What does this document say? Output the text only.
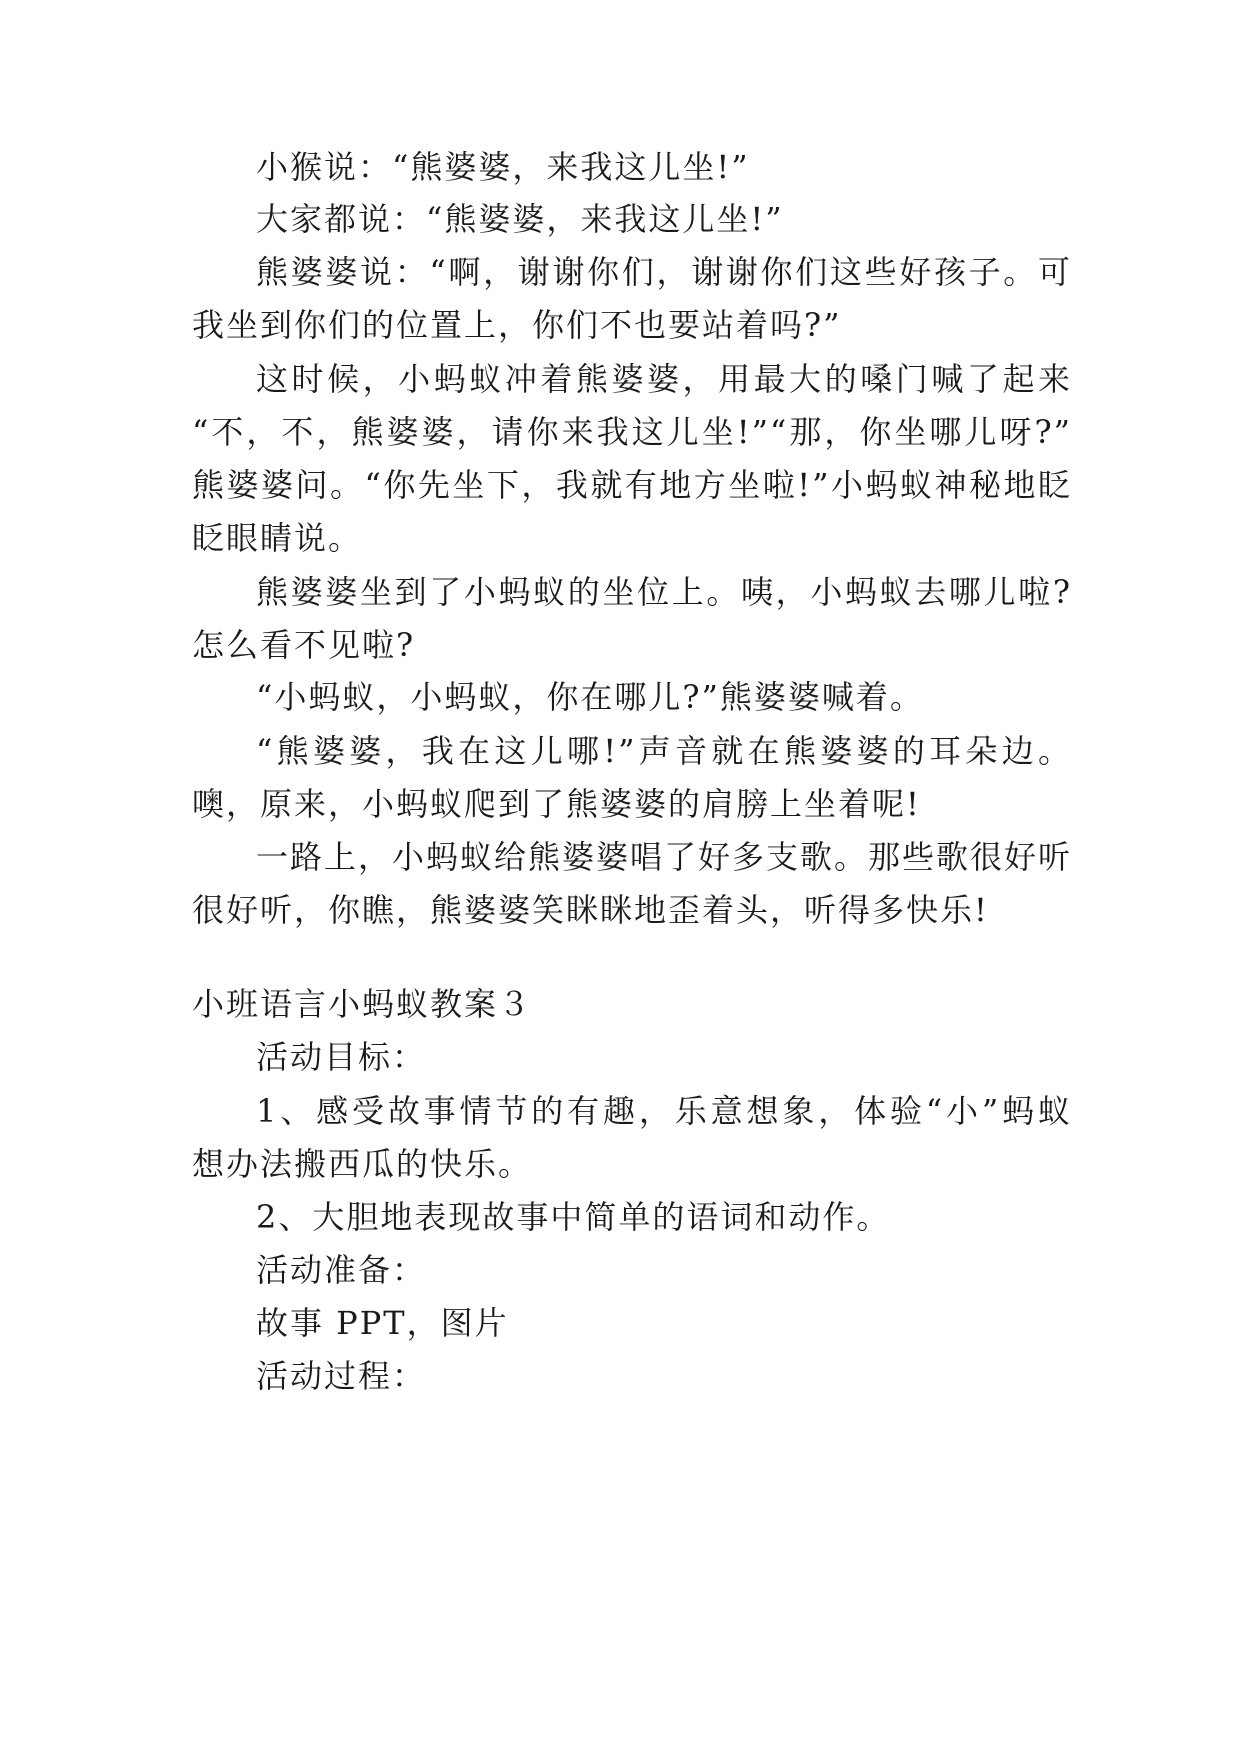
小猴说：“熊婆婆，来我这儿坐!”
大家都说：“熊婆婆，来我这儿坐!”
熊婆婆说：“啊，谢谢你们，谢谢你们这些好孩子。可
我坐到你们的位置上，你们不也要站着吗?”
这时候，小蚂蚁冲着熊婆婆，用最大的嗓门喊了起来
“不，不，熊婆婆，请你来我这儿坐!”“那，你坐哪儿呀?”
熊婆婆问。“你先坐下，我就有地方坐啦!”小蚂蚁神秘地眨
眨眼睛说。
熊婆婆坐到了小蚂蚁的坐位上。咦，小蚂蚁去哪儿啦?
怎么看不见啦?
“小蚂蚁，小蚂蚁，你在哪儿?”熊婆婆喊着。
“熊婆婆，我在这儿哪!”声音就在熊婆婆的耳朵边。
噢，原来，小蚂蚁爬到了熊婆婆的肩膀上坐着呢!
一路上，小蚂蚁给熊婆婆唱了好多支歌。那些歌很好听
很好听，你瞧，熊婆婆笑眯眯地歪着头，听得多快乐!
小班语言小蚂蚁教案３
活动目标：
1、感受故事情节的有趣，乐意想象，体验“小”蚂蚁
想办法搬西瓜的快乐。
2、大胆地表现故事中简单的语词和动作。
活动准备：
故事 PPT，图片
活动过程：
